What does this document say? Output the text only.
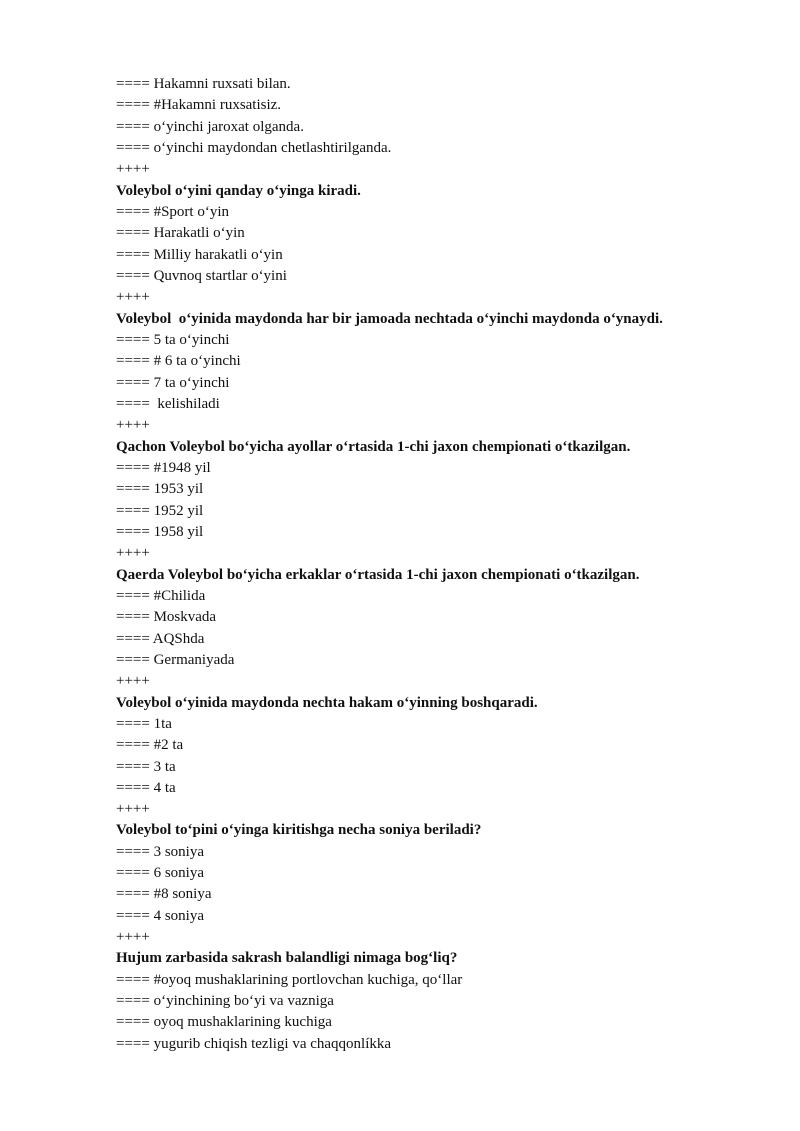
==== Hakamni ruxsati bilan.
==== #Hakamni ruxsatisiz.
==== o‘yinchi jaroxat olganda.
==== o‘yinchi maydondan chetlashtirilganda.
++++
Voleybol o‘yini qanday o‘yinga kiradi.
==== #Sport o‘yin
==== Harakatli o‘yin
==== Milliy harakatli o‘yin
==== Quvnoq startlar o‘yini
++++
Voleybol  o‘yinida maydonda har bir jamoada nechtada o‘yinchi maydonda o‘ynaydi.
==== 5 ta o‘yinchi
==== # 6 ta o‘yinchi
==== 7 ta o‘yinchi
====  kelishiladi
++++
Qachon Voleybol bo‘yicha ayollar o‘rtasida 1-chi jaxon chempionati o‘tkazilgan.
==== #1948 yil
==== 1953 yil
==== 1952 yil
==== 1958 yil
++++
Qaerda Voleybol bo‘yicha erkaklar o‘rtasida 1-chi jaxon chempionati o‘tkazilgan.
==== #Chilida
==== Moskvada
==== AQShda
==== Germaniyada
++++
Voleybol o‘yinida maydonda nechta hakam o‘yinning boshqaradi.
==== 1ta
==== #2 ta
==== 3 ta
==== 4 ta
++++
Voleybol to‘pini o‘yinga kiritishga necha soniya beriladi?
==== 3 soniya
==== 6 soniya
==== #8 soniya
==== 4 soniya
++++
Hujum zarbasida sakrash balandligi nimaga bog‘liq?
==== #oyoq mushaklarining portlovchan kuchiga, qo‘llar
==== o‘yinchining bo‘yi va vazniga
==== oyoq mushaklarining kuchiga
==== yugurib chiqish tezligi va chaqqonlíkka
